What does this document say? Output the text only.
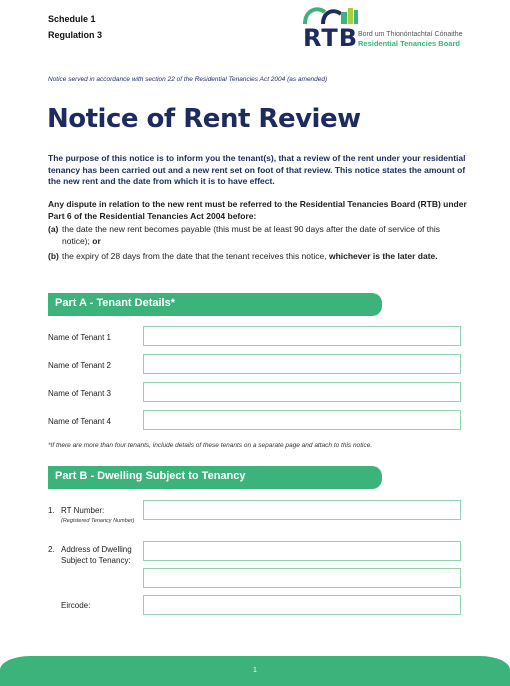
Schedule 1
Regulation 3	RTB Bord um Thionóntachtaí Cónaithe
Residential Tenancies Board
Notice served in accordance with section 22 of the Residential Tenancies Act 2004 (as amended)
Notice of Rent Review
The purpose of this notice is to inform you the tenant(s), that a review of the rent under your residential tenancy has been carried out and a new rent set on foot of that review. This notice states the amount of the new rent and the date from which it is to have effect.
Any dispute in relation to the new rent must be referred to the Residential Tenancies Board (RTB) under Part 6 of the Residential Tenancies Act 2004 before:
(a) the date the new rent becomes payable (this must be at least 90 days after the date of service of this notice); or
(b) the expiry of 28 days from the date that the tenant receives this notice, whichever is the later date.
Part A - Tenant Details*
Name of Tenant 1
Name of Tenant 2
Name of Tenant 3
Name of Tenant 4
*If there are more than four tenants, include details of these tenants on a separate page and attach to this notice.
Part B - Dwelling Subject to Tenancy
1. RT Number:
(Registered Tenancy Number)
2. Address of Dwelling
Subject to Tenancy:
Eircode:
1
